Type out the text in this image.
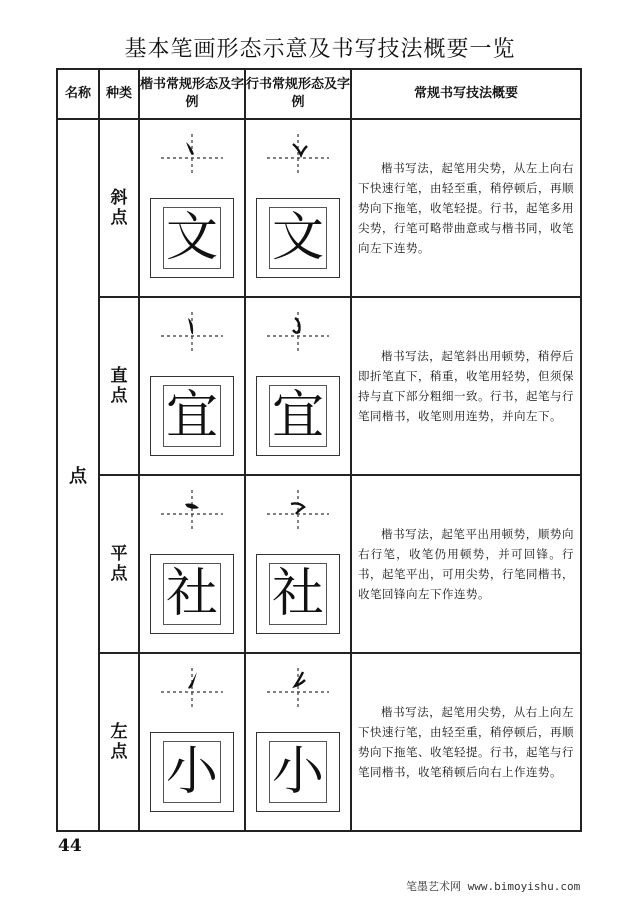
基本笔画形态示意及书写技法概要一览
名称	种类	楷书常规形态及字例	行书常规形态及字例	常规书写技法概要
点	斜点	文	文	楷书写法，起笔用尖势，从左上向右下快速行笔，由轻至重，稍停顿后，再顺势向下拖笔，收笔轻提。行书，起笔多用尖势，行笔可略带曲意或与楷书同，收笔向左下连势。

	直点	宜	宜	楷书写法，起笔斜出用顿势，稍停后即折笔直下，稍重，收笔用轻势，但须保持与直下部分粗细一致。行书，起笔与行笔同楷书，收笔则用连势，并向左下。

	平点	社	社	楷书写法，起笔平出用顿势，顺势向右行笔，收笔仍用顿势，并可回锋。行书，起笔平出，可用尖势，行笔同楷书，收笔回锋向左下作连势。

	左点	小	小	楷书写法，起笔用尖势，从右上向左下快速行笔，由轻至重，稍停顿后，再顺势向下拖笔、收笔轻提。行书，起笔与行笔同楷书，收笔稍顿后向右上作连势。
44
笔墨艺术网 www.bimoyishu.com
